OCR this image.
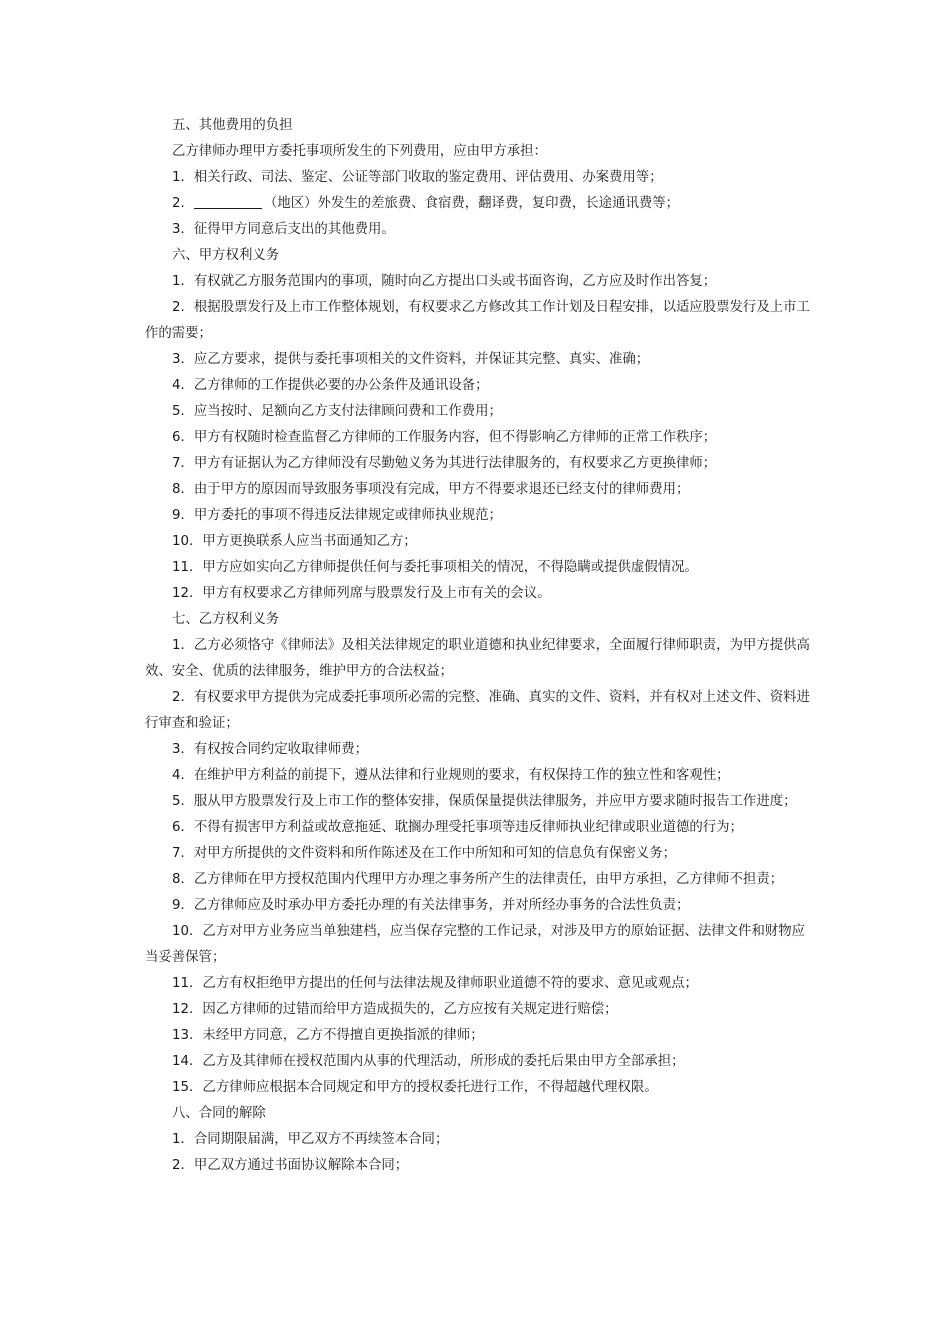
五、其他费用的负担

乙方律师办理甲方委托事项所发生的下列费用，应由甲方承担：

1．相关行政、司法、鉴定、公证等部门收取的鉴定费用、评估费用、办案费用等；

2．	（地区）外发生的差旅费、食宿费，翻译费，复印费，长途通讯费等；

3．征得甲方同意后支出的其他费用。

六、甲方权利义务

1．有权就乙方服务范围内的事项，随时向乙方提出口头或书面咨询，乙方应及时作出答复；

2．根据股票发行及上市工作整体规划，有权要求乙方修改其工作计划及日程安排，以适应股票发行及上市工作的需要；

3．应乙方要求，提供与委托事项相关的文件资料，并保证其完整、真实、准确；

4．乙方律师的工作提供必要的办公条件及通讯设备；

5．应当按时、足额向乙方支付法律顾问费和工作费用；

6．甲方有权随时检查监督乙方律师的工作服务内容，但不得影响乙方律师的正常工作秩序；

7．甲方有证据认为乙方律师没有尽勤勉义务为其进行法律服务的，有权要求乙方更换律师；

8．由于甲方的原因而导致服务事项没有完成，甲方不得要求退还已经支付的律师费用；

9．甲方委托的事项不得违反法律规定或律师执业规范；

10．甲方更换联系人应当书面通知乙方；

11．甲方应如实向乙方律师提供任何与委托事项相关的情况，不得隐瞒或提供虚假情况。

12．甲方有权要求乙方律师列席与股票发行及上市有关的会议。

七、乙方权利义务

1．乙方必须恪守《律师法》及相关法律规定的职业道德和执业纪律要求，全面履行律师职责，为甲方提供高效、安全、优质的法律服务，维护甲方的合法权益；

2．有权要求甲方提供为完成委托事项所必需的完整、准确、真实的文件、资料，并有权对上述文件、资料进行审查和验证；

3．有权按合同约定收取律师费；

4．在维护甲方利益的前提下，遵从法律和行业规则的要求，有权保持工作的独立性和客观性；

5．服从甲方股票发行及上市工作的整体安排，保质保量提供法律服务，并应甲方要求随时报告工作进度；

6．不得有损害甲方利益或故意拖延、耽搁办理受托事项等违反律师执业纪律或职业道德的行为；

7．对甲方所提供的文件资料和所作陈述及在工作中所知和可知的信息负有保密义务；

8．乙方律师在甲方授权范围内代理甲方办理之事务所产生的法律责任，由甲方承担，乙方律师不担责；

9．乙方律师应及时承办甲方委托办理的有关法律事务，并对所经办事务的合法性负责；

10．乙方对甲方业务应当单独建档，应当保存完整的工作记录，对涉及甲方的原始证据、法律文件和财物应当妥善保管；

11．乙方有权拒绝甲方提出的任何与法律法规及律师职业道德不符的要求、意见或观点；

12．因乙方律师的过错而给甲方造成损失的，乙方应按有关规定进行赔偿；

13．未经甲方同意，乙方不得擅自更换指派的律师；

14．乙方及其律师在授权范围内从事的代理活动，所形成的委托后果由甲方全部承担；

15．乙方律师应根据本合同规定和甲方的授权委托进行工作，不得超越代理权限。

八、合同的解除

1．合同期限届满，甲乙双方不再续签本合同；

2．甲乙双方通过书面协议解除本合同；
